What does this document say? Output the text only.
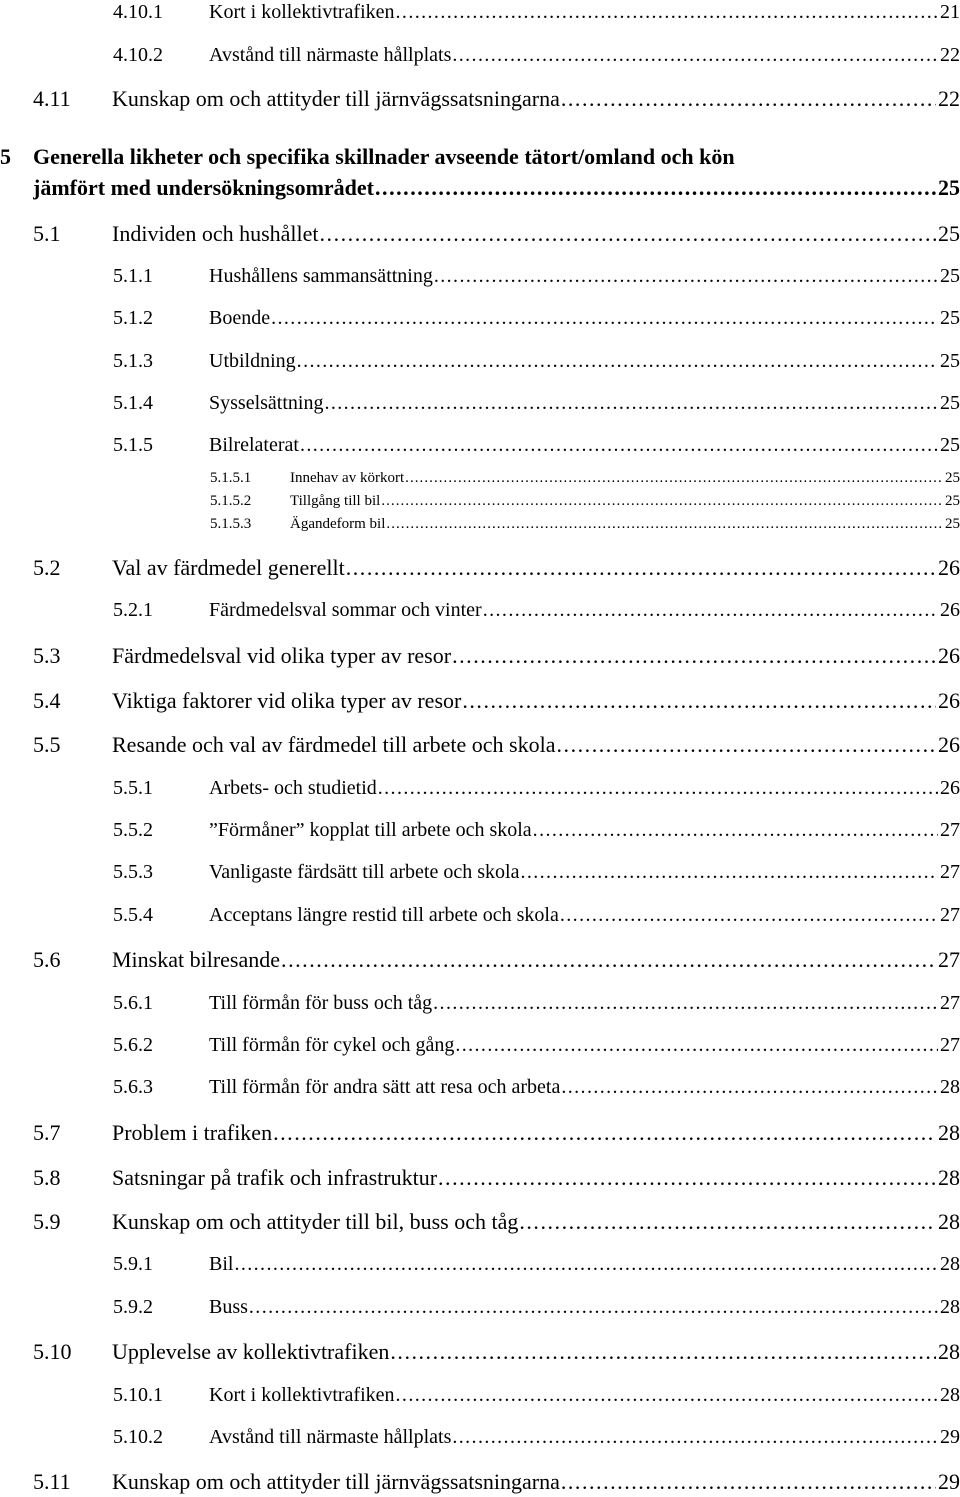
4.10.1	Kort i kollektivtrafiken . . .	21
4.10.2	Avstånd till närmaste hållplats . . .	22
4.11	Kunskap om och attityder till järnvägssatsningarna . . .	22
5	Generella likheter och specifika skillnader avseende tätort/omland och kön
jämfört med undersökningsområdet . . .	25
5.1	Individen och hushållet . . .	25
5.1.1	Hushållens sammansättning . . .	25
5.1.2	Boende . . .	25
5.1.3	Utbildning . . .	25
5.1.4	Sysselsättning . . .	25
5.1.5	Bilrelaterat . . .	25
5.1.5.1	Innehav av körkort . . .	25
5.1.5.2	Tillgång till bil . . .	25
5.1.5.3	Ägandeform bil . . .	25
5.2	Val av färdmedel generellt . . .	26
5.2.1	Färdmedelsval sommar och vinter . . .	26
5.3	Färdmedelsval vid olika typer av resor . . .	26
5.4	Viktiga faktorer vid olika typer av resor . . .	26
5.5	Resande och val av färdmedel till arbete och skola . . .	26
5.5.1	Arbets- och studietid . . .	26
5.5.2	”Förmåner” kopplat till arbete och skola . . .	27
5.5.3	Vanligaste färdsätt till arbete och skola . . .	27
5.5.4	Acceptans längre restid till arbete och skola . . .	27
5.6	Minskat bilresande . . .	27
5.6.1	Till förmån för buss och tåg . . .	27
5.6.2	Till förmån för cykel och gång . . .	27
5.6.3	Till förmån för andra sätt att resa och arbeta . . .	28
5.7	Problem i trafiken . . .	28
5.8	Satsningar på trafik och infrastruktur . . .	28
5.9	Kunskap om och attityder till bil, buss och tåg . . .	28
5.9.1	Bil . . .	28
5.9.2	Buss . . .	28
5.10	Upplevelse av kollektivtrafiken . . .	28
5.10.1	Kort i kollektivtrafiken . . .	28
5.10.2	Avstånd till närmaste hållplats . . .	29
5.11	Kunskap om och attityder till järnvägssatsningarna . . .	29
